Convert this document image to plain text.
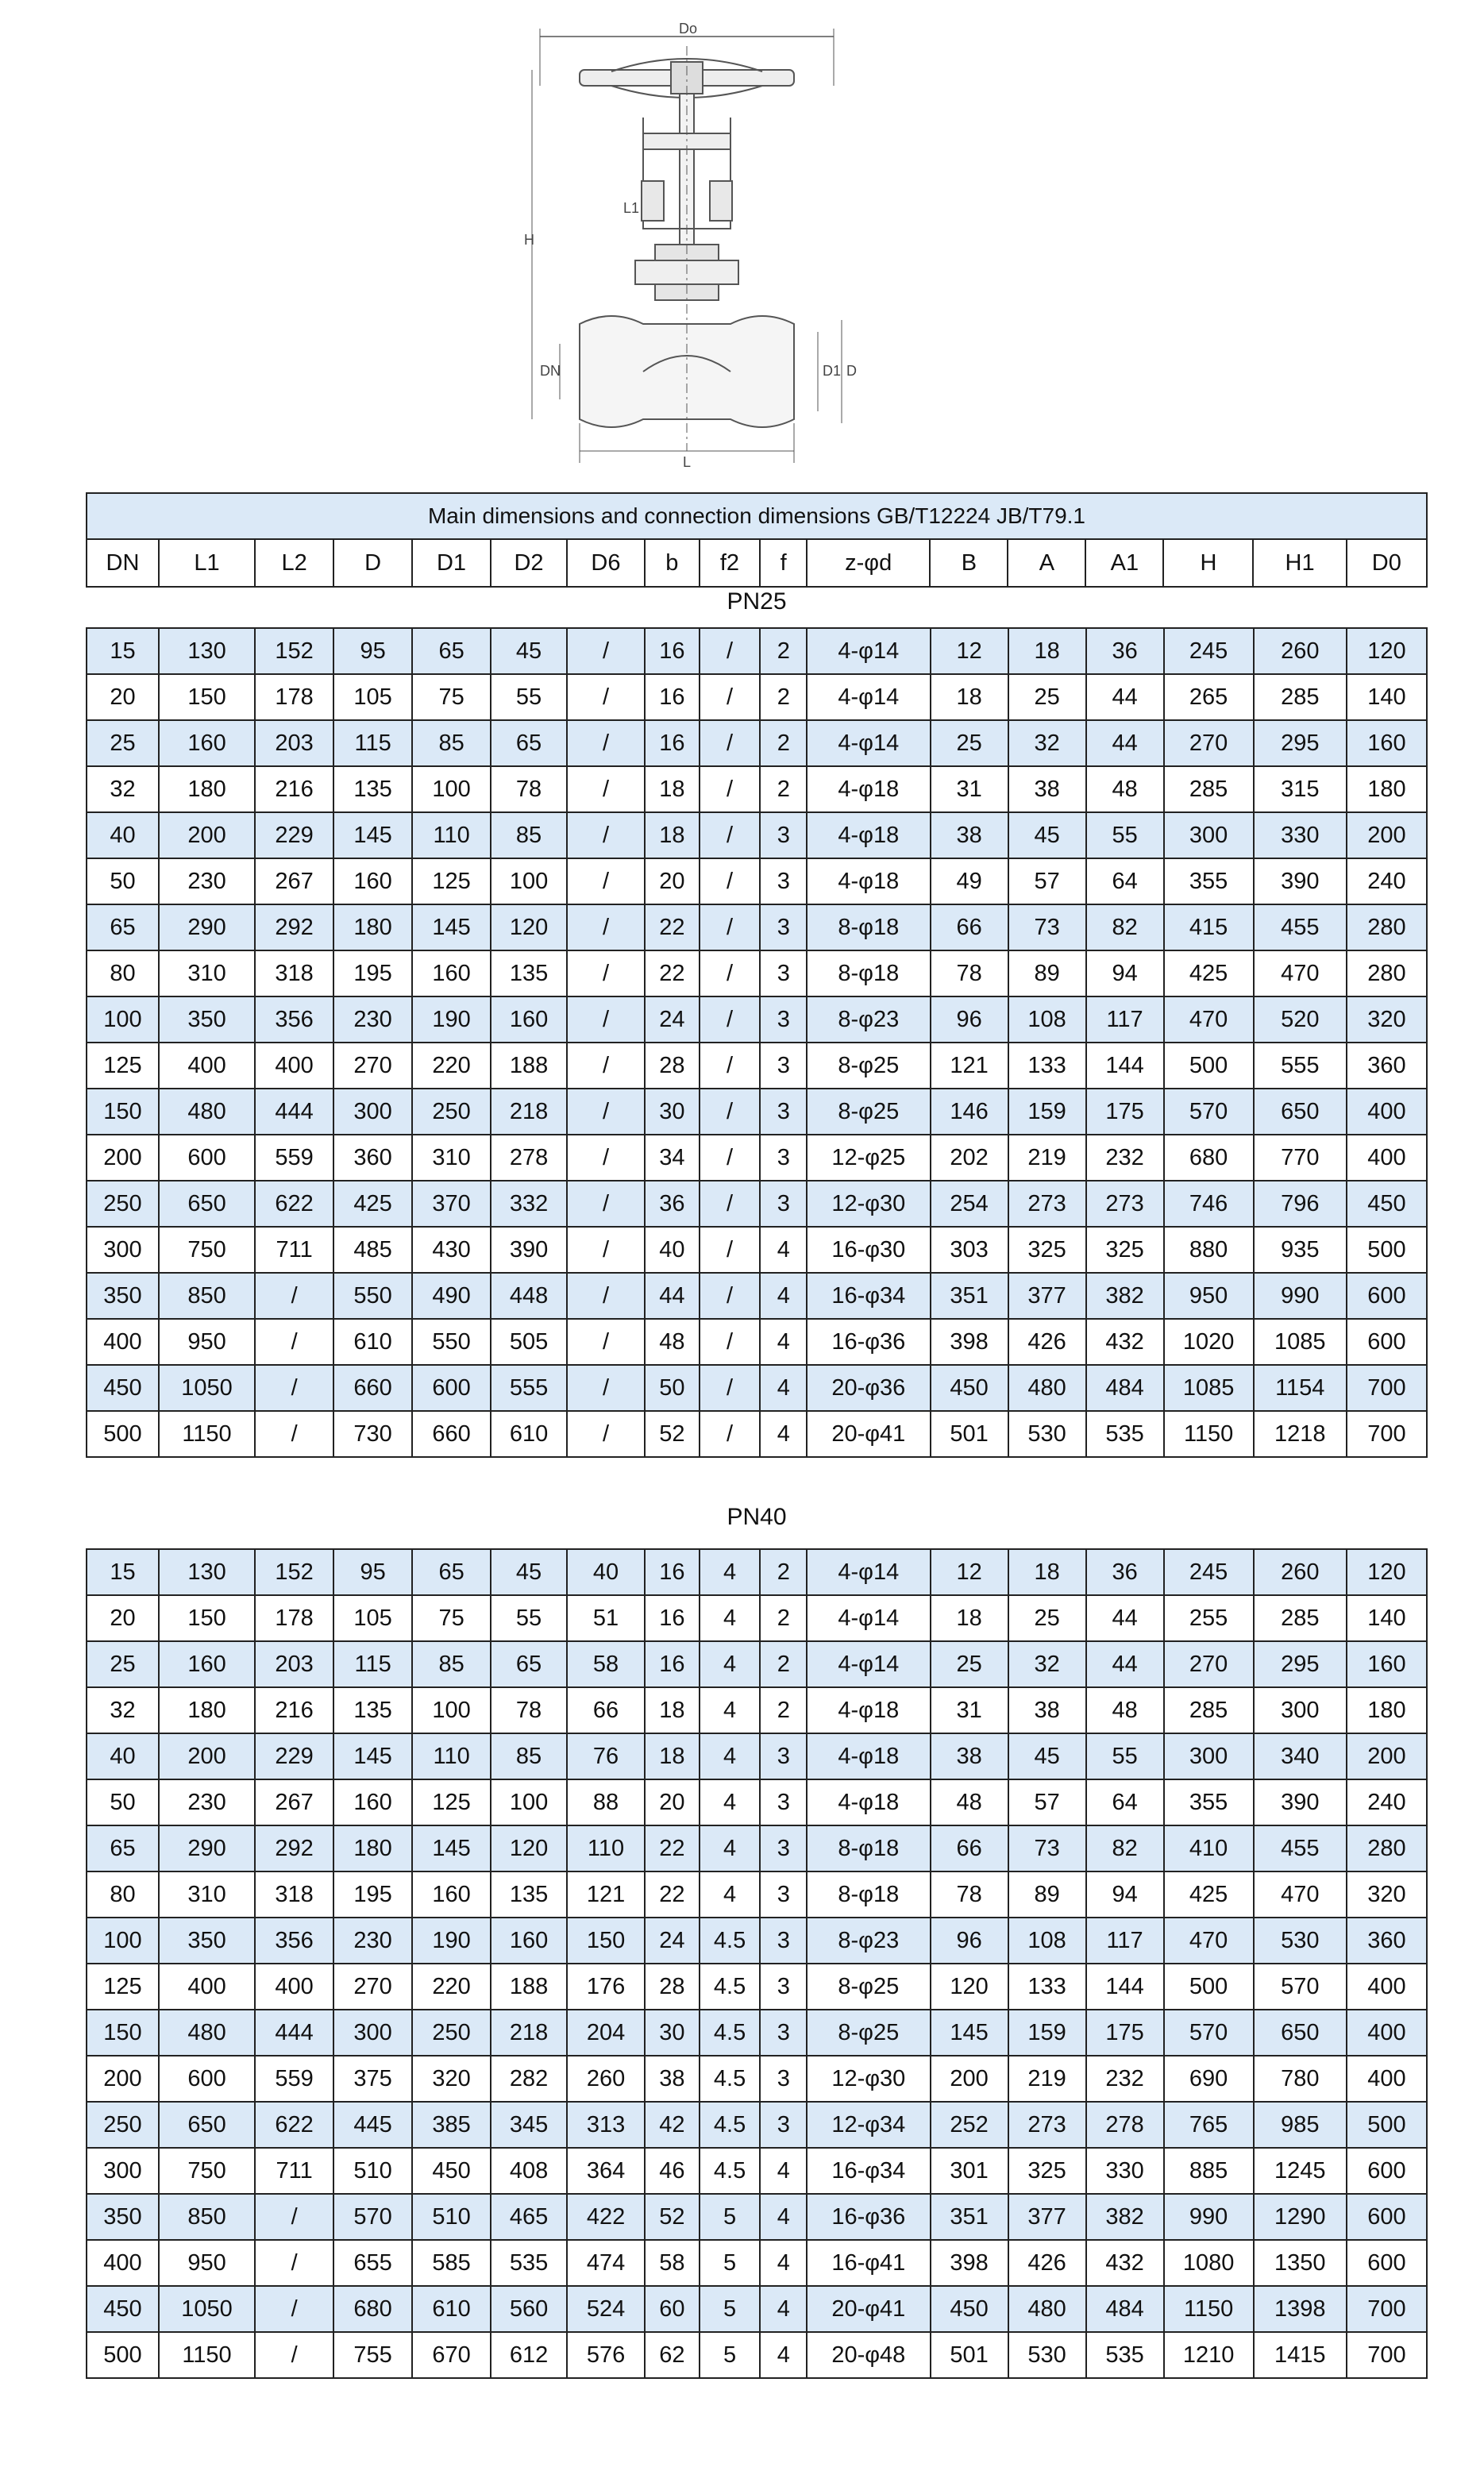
Do
H
L1
DN	D1 D
L
Main dimensions and connection dimensions GB/T12224 JB/T79.1
DN	L1	L2	D	D1	D2	D6	b	f2	f	z-φd	B	A	A1	H	H1	D0
PN25
15	130	152	95	65	45	/	16	/	2	4-φ14	12	18	36	245	260	120
20	150	178	105	75	55	/	16	/	2	4-φ14	18	25	44	265	285	140
25	160	203	115	85	65	/	16	/	2	4-φ14	25	32	44	270	295	160
32	180	216	135	100	78	/	18	/	2	4-φ18	31	38	48	285	315	180
40	200	229	145	110	85	/	18	/	3	4-φ18	38	45	55	300	330	200
50	230	267	160	125	100	/	20	/	3	4-φ18	49	57	64	355	390	240
65	290	292	180	145	120	/	22	/	3	8-φ18	66	73	82	415	455	280
80	310	318	195	160	135	/	22	/	3	8-φ18	78	89	94	425	470	280
100	350	356	230	190	160	/	24	/	3	8-φ23	96	108	117	470	520	320
125	400	400	270	220	188	/	28	/	3	8-φ25	121	133	144	500	555	360
150	480	444	300	250	218	/	30	/	3	8-φ25	146	159	175	570	650	400
200	600	559	360	310	278	/	34	/	3	12-φ25	202	219	232	680	770	400
250	650	622	425	370	332	/	36	/	3	12-φ30	254	273	273	746	796	450
300	750	711	485	430	390	/	40	/	4	16-φ30	303	325	325	880	935	500
350	850	/	550	490	448	/	44	/	4	16-φ34	351	377	382	950	990	600
400	950	/	610	550	505	/	48	/	4	16-φ36	398	426	432	1020	1085	600
450	1050	/	660	600	555	/	50	/	4	20-φ36	450	480	484	1085	1154	700
500	1150	/	730	660	610	/	52	/	4	20-φ41	501	530	535	1150	1218	700
PN40
15	130	152	95	65	45	40	16	4	2	4-φ14	12	18	36	245	260	120
20	150	178	105	75	55	51	16	4	2	4-φ14	18	25	44	255	285	140
25	160	203	115	85	65	58	16	4	2	4-φ14	25	32	44	270	295	160
32	180	216	135	100	78	66	18	4	2	4-φ18	31	38	48	285	300	180
40	200	229	145	110	85	76	18	4	3	4-φ18	38	45	55	300	340	200
50	230	267	160	125	100	88	20	4	3	4-φ18	48	57	64	355	390	240
65	290	292	180	145	120	110	22	4	3	8-φ18	66	73	82	410	455	280
80	310	318	195	160	135	121	22	4	3	8-φ18	78	89	94	425	470	320
100	350	356	230	190	160	150	24	4.5	3	8-φ23	96	108	117	470	530	360
125	400	400	270	220	188	176	28	4.5	3	8-φ25	120	133	144	500	570	400
150	480	444	300	250	218	204	30	4.5	3	8-φ25	145	159	175	570	650	400
200	600	559	375	320	282	260	38	4.5	3	12-φ30	200	219	232	690	780	400
250	650	622	445	385	345	313	42	4.5	3	12-φ34	252	273	278	765	985	500
300	750	711	510	450	408	364	46	4.5	4	16-φ34	301	325	330	885	1245	600
350	850	/	570	510	465	422	52	5	4	16-φ36	351	377	382	990	1290	600
400	950	/	655	585	535	474	58	5	4	16-φ41	398	426	432	1080	1350	600
450	1050	/	680	610	560	524	60	5	4	20-φ41	450	480	484	1150	1398	700
500	1150	/	755	670	612	576	62	5	4	20-φ48	501	530	535	1210	1415	700
